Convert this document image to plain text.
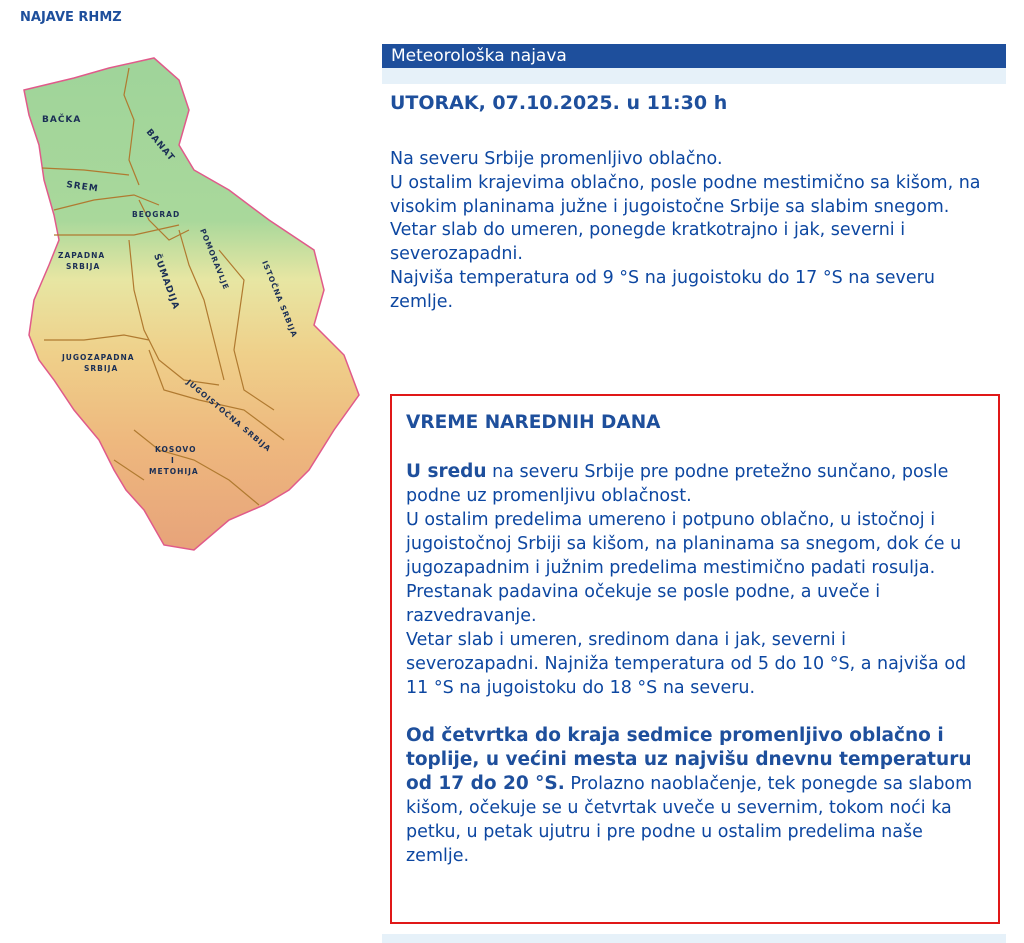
NAJAVE RHMZ
BAČKA
BANAT
SREM
BEOGRAD
ZAPADNA
SRBIJA	ŠUMADIJA POMORAVLJE
ISTOČNA SRBIJA
JUGOZAPADNA
SRBIJA
JUGOISTOČNA SRBIJA
KOSOVO
I
METOHIJA
Meteorološka najava
UTORAK, 07.10.2025. u 11:30 h

Na severu Srbije promenljivo oblačno.

U ostalim krajevima oblačno, posle podne mestimično sa kišom, na visokim planinama južne i jugoistočne Srbije sa slabim snegom.

Vetar slab do umeren, ponegde kratkotrajno i jak, severni i severozapadni.

Najviša temperatura od 9 °S na jugoistoku do 17 °S na severu zemlje.

VREME NAREDNIH DANA

U sredu na severu Srbije pre podne pretežno sunčano, posle podne uz promenljivu oblačnost.
U ostalim predelima umereno i potpuno oblačno, u istočnoj i jugoistočnoj Srbiji sa kišom, na planinama sa snegom, dok će u jugozapadnim i južnim predelima mestimično padati rosulja. Prestanak padavina očekuje se posle podne, a uveče i razvedravanje.
Vetar slab i umeren, sredinom dana i jak, severni i severozapadni. Najniža temperatura od 5 do 10 °S, a najviša od 11 °S na jugoistoku do 18 °S na severu.

Od četvrtka do kraja sedmice promenljivo oblačno i toplije, u većini mesta uz najvišu dnevnu temperaturu od 17 do 20 °S. Prolazno naoblačenje, tek ponegde sa slabom kišom, očekuje se u četvrtak uveče u severnim, tokom noći ka petku, u petak ujutru i pre podne u ostalim predelima naše zemlje.
